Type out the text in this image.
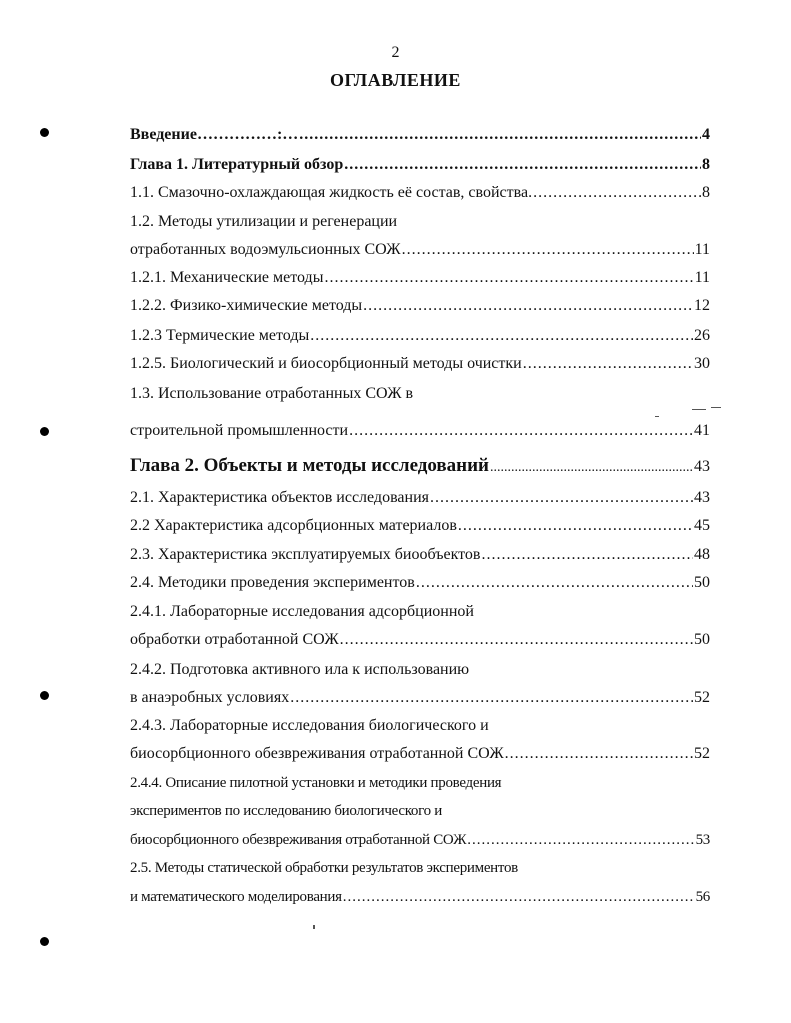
2
ОГЛАВЛЕНИЕ
Введение……………:… .....	4
Глава 1. Литературный обзор .....	8
1.1. Смазочно-охлаждающая жидкость её состав, свойства. .....	8
1.2. Методы утилизации и регенерации
отработанных водоэмульсионных СОЖ .....	11
1.2.1. Механические методы .....	11
1.2.2. Физико-химические методы .....	12
1.2.3 Термические методы .....	26
1.2.5. Биологический и биосорбционный методы очистки .....	30
1.3. Использование отработанных СОЖ в
строительной промышленности .....	41
Глава 2. Объекты и методы исследований .....	43
2.1. Характеристика объектов исследования .....	43
2.2 Характеристика адсорбционных материалов .....	45
2.3. Характеристика эксплуатируемых биообъектов .....	48
2.4. Методики проведения экспериментов .....	50
2.4.1. Лабораторные исследования адсорбционной
обработки отработанной СОЖ .....	50
2.4.2. Подготовка активного ила к использованию
в анаэробных условиях .....	52
2.4.3. Лабораторные исследования биологического и
биосорбционного обезвреживания отработанной СОЖ .....	52
2.4.4. Описание пилотной установки и методики проведения
экспериментов по исследованию биологического и
биосорбционного обезвреживания отработанной СОЖ .....	53
2.5. Методы статической обработки результатов экспериментов
и математического моделирования .....	56
